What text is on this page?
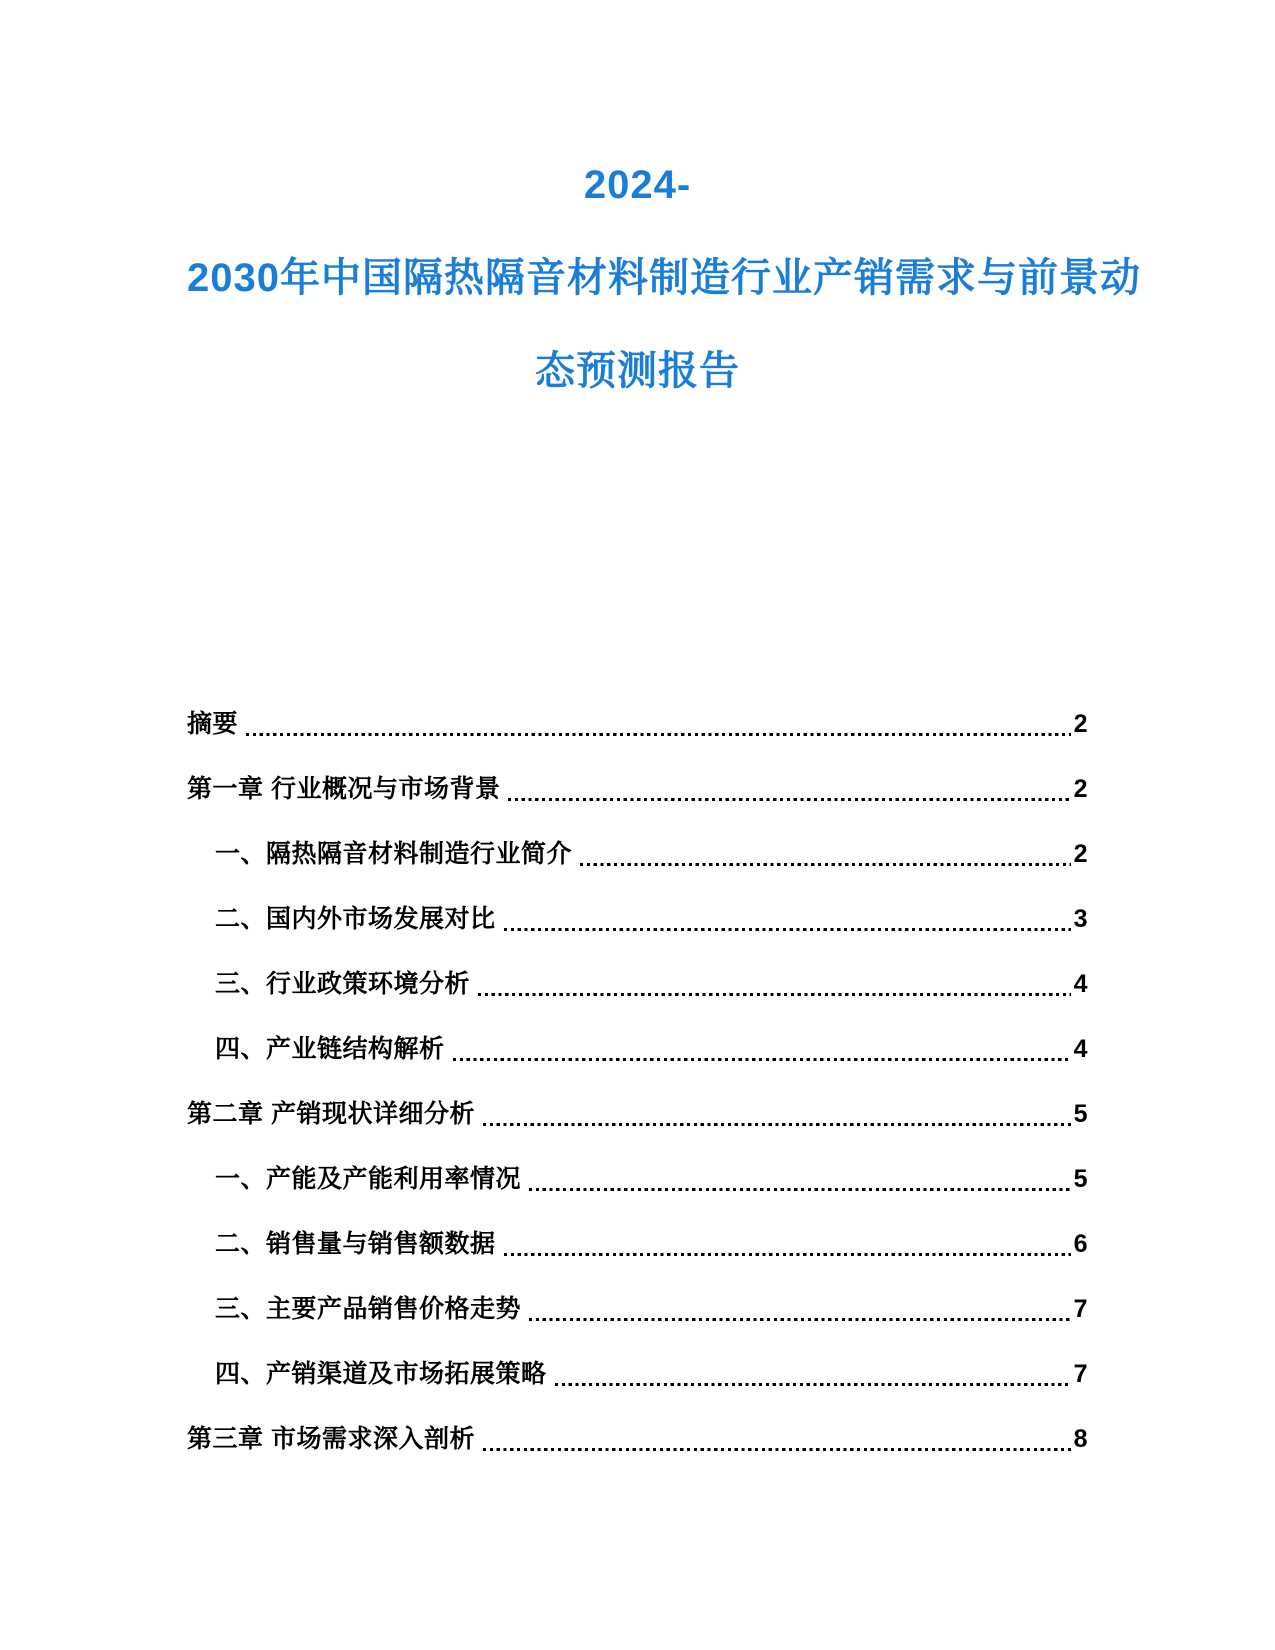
2024-
2030年中国隔热隔音材料制造行业产销需求与前景动
态预测报告
摘要	2
第一章 行业概况与市场背景	2
一、隔热隔音材料制造行业简介	2
二、国内外市场发展对比	3
三、行业政策环境分析	4
四、产业链结构解析	4
第二章 产销现状详细分析	5
一、产能及产能利用率情况	5
二、销售量与销售额数据	6
三、主要产品销售价格走势	7
四、产销渠道及市场拓展策略	7
第三章 市场需求深入剖析	8
